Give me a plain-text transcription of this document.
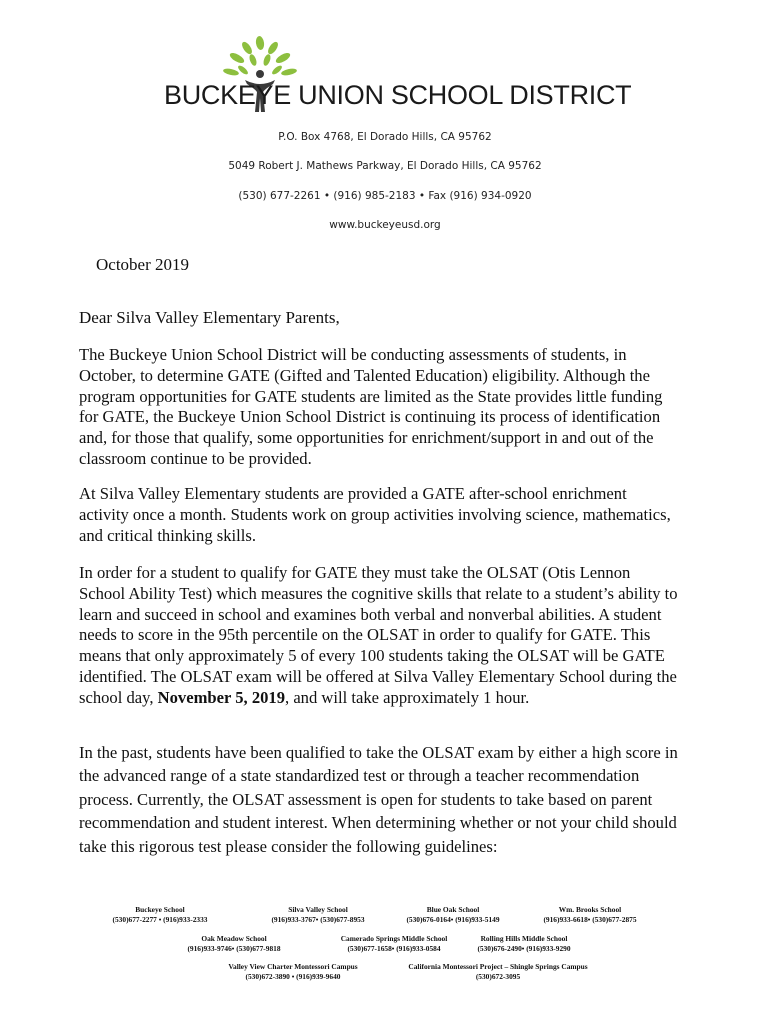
BUCKEYE UNION SCHOOL DISTRICT
P.O. Box 4768, El Dorado Hills, CA 95762
5049 Robert J. Mathews Parkway, El Dorado Hills, CA 95762
(530) 677-2261 • (916) 985-2183 • Fax (916) 934-0920
www.buckeyeusd.org
October 2019
Dear Silva Valley Elementary Parents,

The Buckeye Union School District will be conducting assessments of students, in October, to determine GATE (Gifted and Talented Education) eligibility. Although the program opportunities for GATE students are limited as the State provides little funding for GATE, the Buckeye Union School District is continuing its process of identification and, for those that qualify, some opportunities for enrichment/support in and out of the classroom continue to be provided.

At Silva Valley Elementary students are provided a GATE after-school enrichment activity once a month. Students work on group activities involving science, mathematics, and critical thinking skills.

In order for a student to qualify for GATE they must take the OLSAT (Otis Lennon School Ability Test) which measures the cognitive skills that relate to a student’s ability to learn and succeed in school and examines both verbal and nonverbal abilities. A student needs to score in the 95th percentile on the OLSAT in order to qualify for GATE. This means that only approximately 5 of every 100 students taking the OLSAT will be GATE identified. The OLSAT exam will be offered at Silva Valley Elementary School during the school day, November 5, 2019, and will take approximately 1 hour.

In the past, students have been qualified to take the OLSAT exam by either a high score in the advanced range of a state standardized test or through a teacher recommendation process. Currently, the OLSAT assessment is open for students to take based on parent recommendation and student interest. When determining whether or not your child should take this rigorous test please consider the following guidelines:

Buckeye School
(530)677-2277 • (916)933-2333
Silva Valley School
(916)933-3767• (530)677-8953
Blue Oak School
(530)676-0164• (916)933-5149
Wm. Brooks School
(916)933-6618• (530)677-2875
Oak Meadow School
(916)933-9746• (530)677-9818
Camerado Springs Middle School
(530)677-1658• (916)933-0584
Rolling Hills Middle School
(530)676-2490• (916)933-9290
Valley View Charter Montessori Campus
(530)672-3890 • (916)939-9640
California Montessori Project – Shingle Springs Campus
(530)672-3095
